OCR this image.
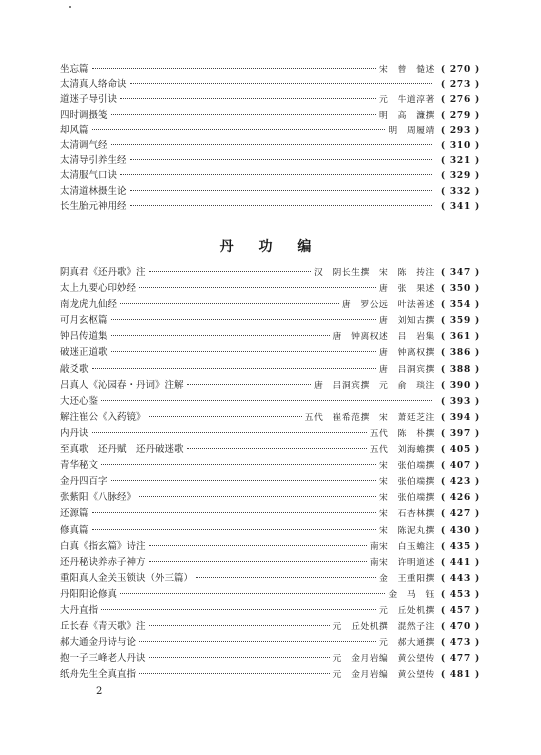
坐忘篇	宋　曾　慥述 ( 270 )
太清真人络命诀	( 273 )
道迷子导引诀	元　牛道淳著 ( 276 )
四时调摄笺	明　高　濂撰 ( 279 )
却风篇	明　周履靖 ( 293 )
太清调气经	( 310 )
太清导引养生经	( 321 )
太清服气口诀	( 329 )
太清道林摄生论	( 332 )
长生胎元神用经	( 341 )
丹 功 编
阴真君《还丹歌》注	汉　阴长生撰　宋　陈　抟注 ( 347 )
太上九要心印妙经	唐　张　果述 ( 350 )
南龙虎九仙经	唐　罗公远　叶法善述 ( 354 )
可月玄枢篇	唐　刘知古撰 ( 359 )
钟吕传道集	唐　钟离权述　吕　岩集 ( 361 )
破迷正道歌	唐　钟离权撰 ( 386 )
敲爻歌	唐　吕洞宾撰 ( 388 )
吕真人《沁园春・丹词》注解	唐　吕洞宾撰　元　俞　琰注 ( 390 )
大还心鉴	( 393 )
解注崔公《入药镜》	五代　崔希范撰　宋　萧廷芝注 ( 394 )
内丹诀	五代　陈　朴撰 ( 397 )
至真歌　还丹赋　还丹破迷歌	五代　刘海蟾撰 ( 405 )
青华秘文	宋　张伯端撰 ( 407 )
金丹四百字	宋　张伯端撰 ( 423 )
张紫阳《八脉经》	宋　张伯端撰 ( 426 )
还源篇	宋　石杏林撰 ( 427 )
修真篇	宋　陈泥丸撰 ( 430 )
白真《指玄篇》诗注	南宋　白玉蟾注 ( 435 )
还丹秘诀养赤子神方	南宋　许明道述 ( 441 )
重阳真人金关玉锁诀（外三篇）	金　王重阳撰 ( 443 )
丹阳阳论修真	金　马　钰 ( 453 )
大丹直指	元　丘处机撰 ( 457 )
丘长春《青天歌》注	元　丘处机撰　混然子注 ( 470 )
郝大通金丹诗与论	元　郝大通撰 ( 473 )
抱一子三峰老人丹诀	元　金月岩编　黄公望传 ( 477 )
纸舟先生全真直指	元　金月岩编　黄公望传 ( 481 )
2
